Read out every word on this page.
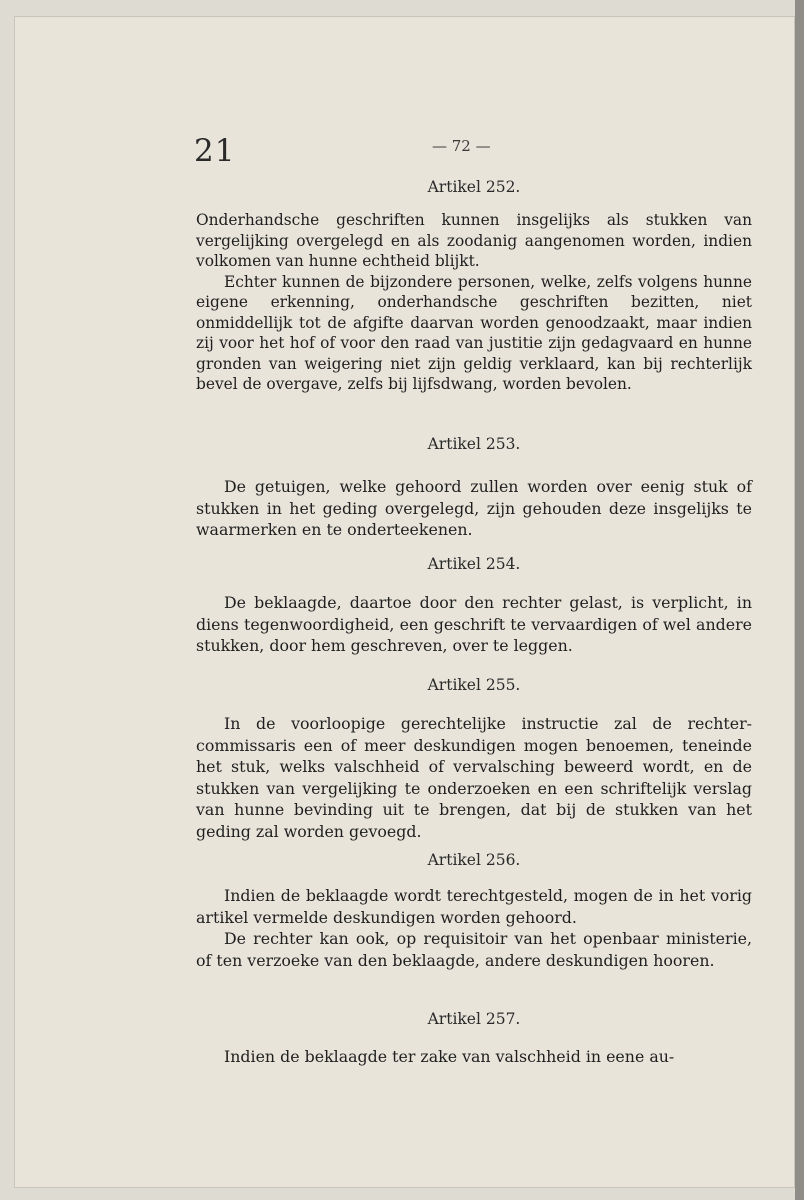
21	— 72 —
Artikel 252.

Onderhandsche geschriften kunnen insgelijks als stukken van vergelijking overgelegd en als zoodanig aangenomen worden, indien volkomen van hunne echtheid blijkt.

Echter kunnen de bijzondere personen, welke, zelfs volgens hunne eigene erkenning, onderhandsche geschriften bezitten, niet onmiddellijk tot de afgifte daarvan worden genoodzaakt, maar indien zij voor het hof of voor den raad van justitie zijn gedagvaard en hunne gronden van weigering niet zijn geldig verklaard, kan bij rechterlijk bevel de overgave, zelfs bij lijfsdwang, worden bevolen.

Artikel 253.

De getuigen, welke gehoord zullen worden over eenig stuk of stukken in het geding overgelegd, zijn gehouden deze insgelijks te waarmerken en te onderteekenen.

Artikel 254.

De beklaagde, daartoe door den rechter gelast, is verplicht, in diens tegenwoordigheid, een geschrift te vervaardigen of wel andere stukken, door hem geschreven, over te leggen.

Artikel 255.

In de voorloopige gerechtelijke instructie zal de rechter-commissaris een of meer deskundigen mogen benoemen, teneinde het stuk, welks valschheid of vervalsching beweerd wordt, en de stukken van vergelijking te onderzoeken en een schriftelijk verslag van hunne bevinding uit te brengen, dat bij de stukken van het geding zal worden gevoegd.

Artikel 256.

Indien de beklaagde wordt terechtgesteld, mogen de in het vorig artikel vermelde deskundigen worden gehoord.

De rechter kan ook, op requisitoir van het openbaar ministerie, of ten verzoeke van den beklaagde, andere deskundigen hooren.

Artikel 257.

Indien de beklaagde ter zake van valschheid in eene au-
